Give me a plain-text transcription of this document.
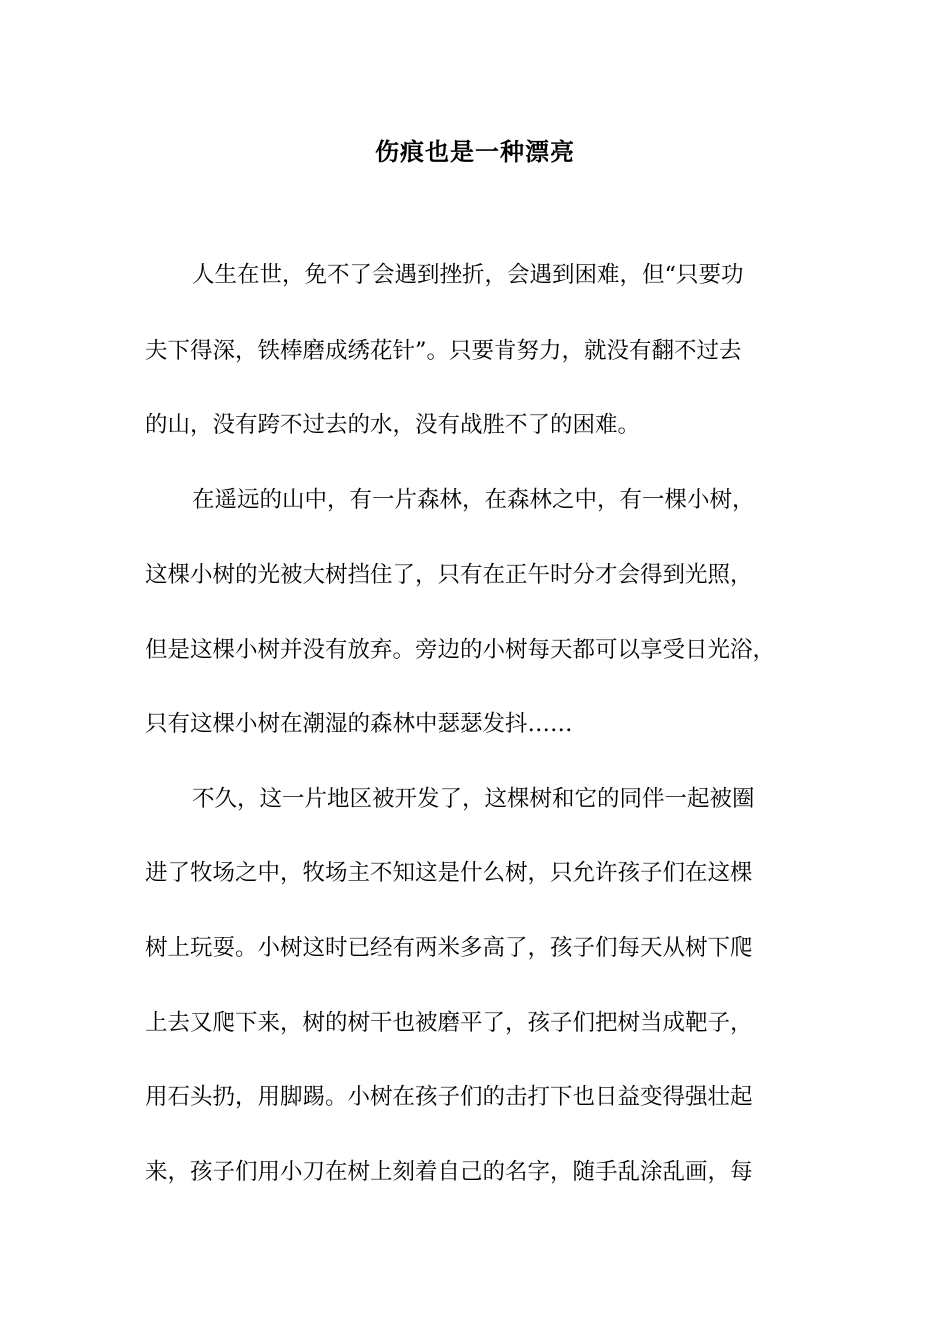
伤痕也是一种漂亮
人生在世，免不了会遇到挫折，会遇到困难，但“只要功
夫下得深，铁棒磨成绣花针”。只要肯努力，就没有翻不过去
的山，没有跨不过去的水，没有战胜不了的困难。
在遥远的山中，有一片森林，在森林之中，有一棵小树，
这棵小树的光被大树挡住了，只有在正午时分才会得到光照，
但是这棵小树并没有放弃。旁边的小树每天都可以享受日光浴，
只有这棵小树在潮湿的森林中瑟瑟发抖……
不久，这一片地区被开发了，这棵树和它的同伴一起被圈
进了牧场之中，牧场主不知这是什么树，只允许孩子们在这棵
树上玩耍。小树这时已经有两米多高了，孩子们每天从树下爬
上去又爬下来，树的树干也被磨平了，孩子们把树当成靶子，
用石头扔，用脚踢。小树在孩子们的击打下也日益变得强壮起
来，孩子们用小刀在树上刻着自己的名字，随手乱涂乱画，每
